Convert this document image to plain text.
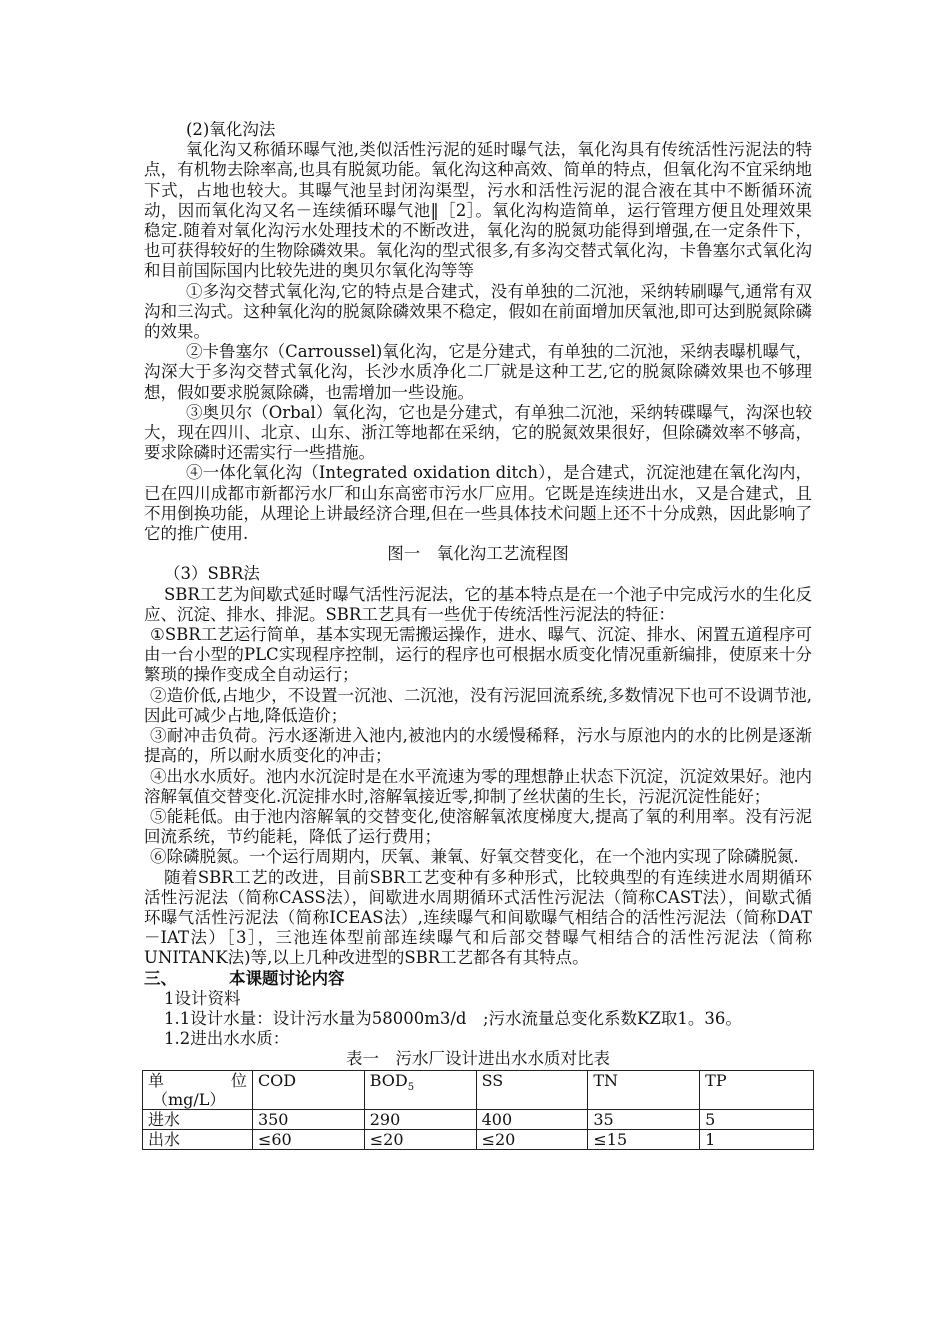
(2)氧化沟法

氧化沟又称循环曝气池,类似活性污泥的延时曝气法，氧化沟具有传统活性污泥法的特点，有机物去除率高,也具有脱氮功能。氧化沟这种高效、简单的特点，但氧化沟不宜采纳地下式，占地也较大。其曝气池呈封闭沟渠型，污水和活性污泥的混合液在其中不断循环流动，因而氧化沟又名－连续循环曝气池‖［2］。氧化沟构造简单，运行管理方便且处理效果稳定.随着对氧化沟污水处理技术的不断改进，氧化沟的脱氮功能得到增强,在一定条件下，也可获得较好的生物除磷效果。氧化沟的型式很多,有多沟交替式氧化沟，卡鲁塞尔式氧化沟和目前国际国内比较先进的奥贝尔氧化沟等等

①多沟交替式氧化沟,它的特点是合建式，没有单独的二沉池，采纳转刷曝气,通常有双沟和三沟式。这种氧化沟的脱氮除磷效果不稳定，假如在前面增加厌氧池,即可达到脱氮除磷的效果。

②卡鲁塞尔（Carroussel)氧化沟，它是分建式，有单独的二沉池，采纳表曝机曝气，沟深大于多沟交替式氧化沟，长沙水质净化二厂就是这种工艺,它的脱氮除磷效果也不够理想，假如要求脱氮除磷，也需增加一些设施。

③奥贝尔（Orbal）氧化沟，它也是分建式，有单独二沉池，采纳转碟曝气，沟深也较大，现在四川、北京、山东、浙江等地都在采纳，它的脱氮效果很好，但除磷效率不够高，要求除磷时还需实行一些措施。

④一体化氧化沟（Integrated oxidation ditch），是合建式，沉淀池建在氧化沟内，已在四川成都市新都污水厂和山东高密市污水厂应用。它既是连续进出水，又是合建式，且不用倒换功能，从理论上讲最经济合理,但在一些具体技术问题上还不十分成熟，因此影响了它的推广使用.

图一　氧化沟工艺流程图

（3）SBR法

SBR工艺为间歇式延时曝气活性污泥法，它的基本特点是在一个池子中完成污水的生化反应、沉淀、排水、排泥。SBR工艺具有一些优于传统活性污泥法的特征：

①SBR工艺运行简单，基本实现无需搬运操作，进水、曝气、沉淀、排水、闲置五道程序可由一台小型的PLC实现程序控制，运行的程序也可根据水质变化情况重新编排，使原来十分繁琐的操作变成全自动运行；

②造价低,占地少，不设置一沉池、二沉池，没有污泥回流系统,多数情况下也可不设调节池,因此可减少占地,降低造价；

③耐冲击负荷。污水逐渐进入池内,被池内的水缓慢稀释，污水与原池内的水的比例是逐渐提高的，所以耐水质变化的冲击；

④出水水质好。池内水沉淀时是在水平流速为零的理想静止状态下沉淀，沉淀效果好。池内溶解氧值交替变化.沉淀排水时,溶解氧接近零,抑制了丝状菌的生长，污泥沉淀性能好；

⑤能耗低。由于池内溶解氧的交替变化,使溶解氧浓度梯度大,提高了氧的利用率。没有污泥回流系统，节约能耗，降低了运行费用；

⑥除磷脱氮。一个运行周期内，厌氧、兼氧、好氧交替变化，在一个池内实现了除磷脱氮.

随着SBR工艺的改进，目前SBR工艺变种有多种形式，比较典型的有连续进水周期循环活性污泥法（简称CASS法），间歇进水周期循环式活性污泥法（简称CAST法），间歇式循环曝气活性污泥法（简称ICEAS法）,连续曝气和间歇曝气相结合的活性污泥法（简称DAT－IAT法）［3］，三池连体型前部连续曝气和后部交替曝气相结合的活性污泥法（简称UNITANK法)等,以上几种改进型的SBR工艺都各有其特点。

三、	本课题讨论内容

1设计资料

1.1设计水量：设计污水量为58000m3/d　;污水流量总变化系数KZ取1。36。

1.2进出水水质：

表一　污水厂设计进出水水质对比表

单 位
（mg/L）	COD	$BOD_5$	SS	TN	TP
进水	350	290	400	35	5
出水	≤60	≤20	≤20	≤15	1
